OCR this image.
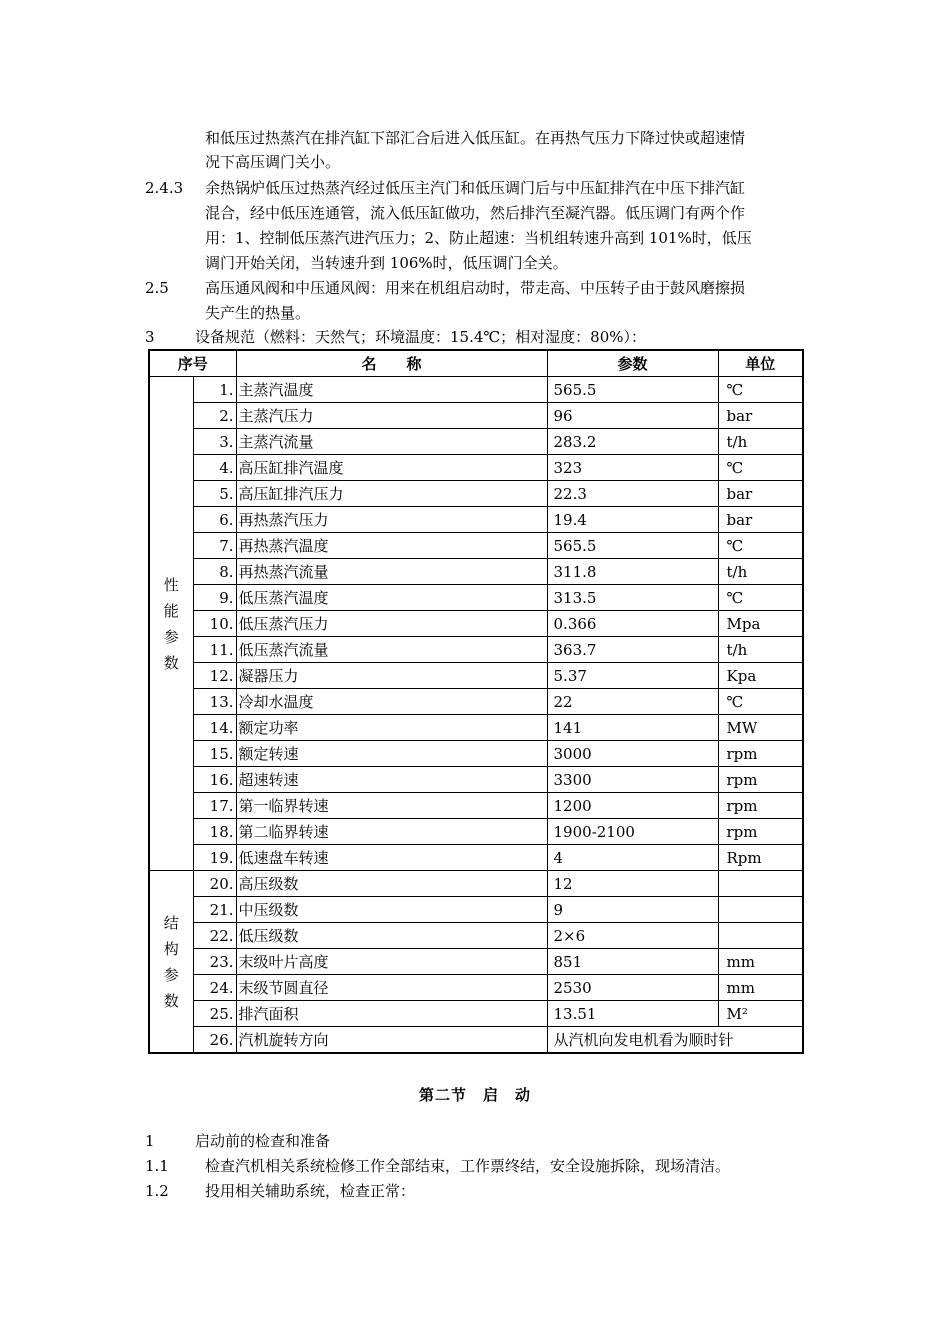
和低压过热蒸汽在排汽缸下部汇合后进入低压缸。在再热气压力下降过快或超速情
况下高压调门关小。
2.4.3 余热锅炉低压过热蒸汽经过低压主汽门和低压调门后与中压缸排汽在中压下排汽缸
混合，经中低压连通管，流入低压缸做功，然后排汽至凝汽器。低压调门有两个作
用：1、控制低压蒸汽进汽压力；2、防止超速：当机组转速升高到 101%时，低压
调门开始关闭，当转速升到 106%时，低压调门全关。
2.5 高压通风阀和中压通风阀：用来在机组启动时，带走高、中压转子由于鼓风磨擦损
失产生的热量。
3	设备规范（燃料：天然气；环境温度：15.4℃；相对湿度：80%）：
序号		名　　称	参数	单位

性
能
参
数	1.	主蒸汽温度	565.5	℃
	2.	主蒸汽压力	96	bar
	3.	主蒸汽流量	283.2	t/h
	4.	高压缸排汽温度	323	℃
	5.	高压缸排汽压力	22.3	bar
	6.	再热蒸汽压力	19.4	bar
	7.	再热蒸汽温度	565.5	℃
	8.	再热蒸汽流量	311.8	t/h
	9.	低压蒸汽温度	313.5	℃
	10.	低压蒸汽压力	0.366	Mpa
	11.	低压蒸汽流量	363.7	t/h
	12.	凝器压力	5.37	Kpa
	13.	冷却水温度	22	℃
	14.	额定功率	141	MW
	15.	额定转速	3000	rpm
	16.	超速转速	3300	rpm
	17.	第一临界转速	1200	rpm
	18.	第二临界转速	1900-2100	rpm
	19.	低速盘车转速	4	Rpm

结
构
参
数	20.	高压级数	12	
	21.	中压级数	9	
	22.	低压级数	2×6	
	23.	末级叶片高度	851	mm
	24.	末级节圆直径	2530	mm
	25.	排汽面积	13.51	M²
	26.	汽机旋转方向	从汽机向发电机看为顺时针	
第二节　启　动
1	启动前的检查和准备
1.1 检查汽机相关系统检修工作全部结束，工作票终结，安全设施拆除，现场清洁。
1.2 投用相关辅助系统，检查正常：
